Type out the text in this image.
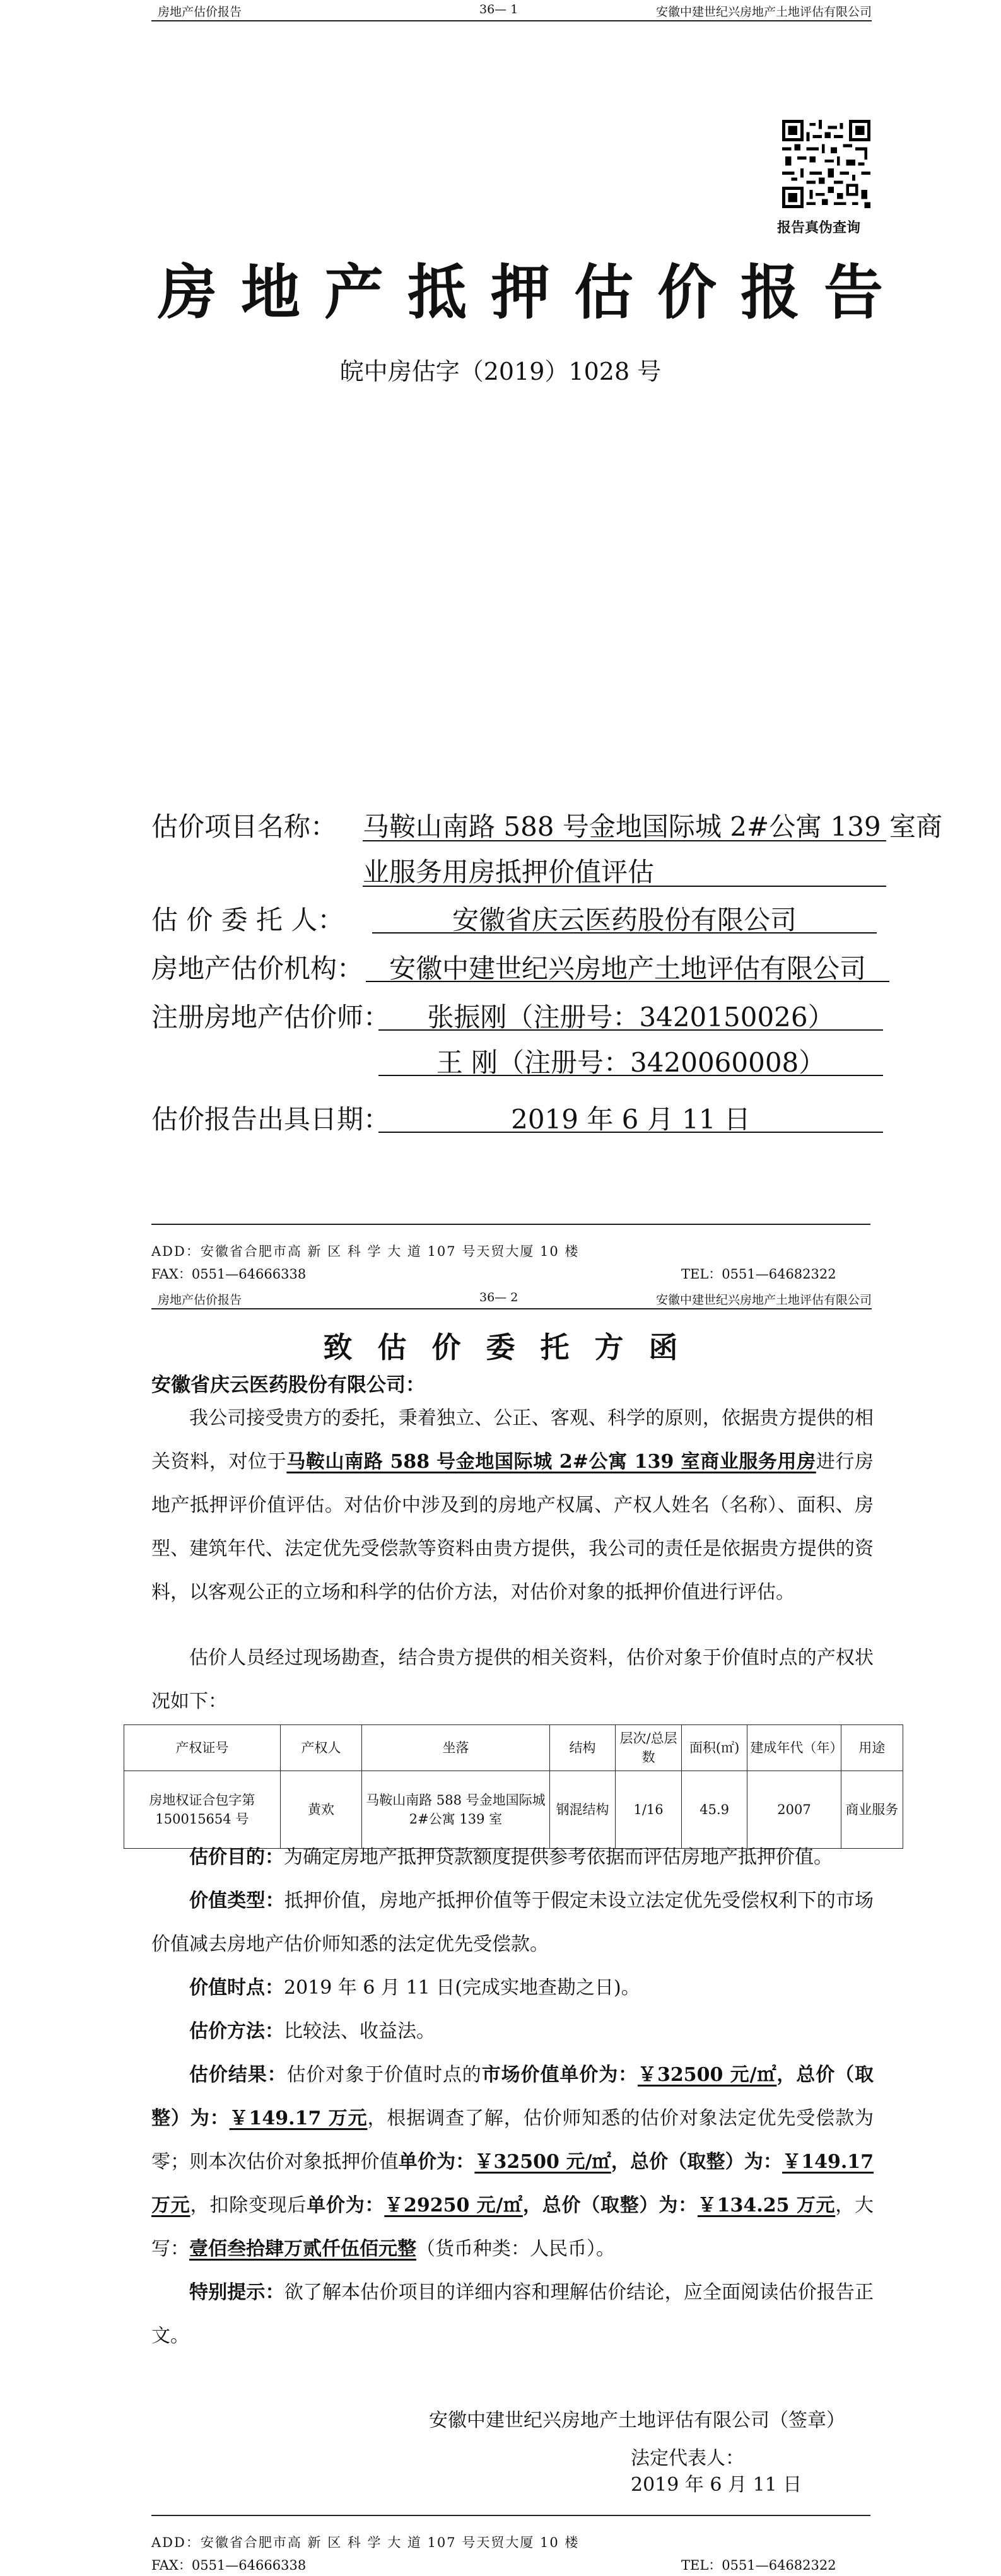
房地产估价报告	36— 1	安徽中建世纪兴房地产土地评估有限公司
报告真伪查询
房地产抵押估价报告
皖中房估字（2019）1028 号
估价项目名称： 马鞍山南路 588 号金地国际城 2#公寓 139 室商
业服务用房抵押价值评估
估 价 委 托 人：	安徽省庆云医药股份有限公司
房地产估价机构： 安徽中建世纪兴房地产土地评估有限公司
注册房地产估价师：	张振刚（注册号：3420150026）
王 刚（注册号：3420060008）
估价报告出具日期：	2019 年 6 月 11 日
ADD：安徽省合肥市高 新 区 科 学 大 道 107 号天贸大厦 10 楼
FAX：0551—64666338	TEL：0551—64682322
房地产估价报告	36— 2	安徽中建世纪兴房地产土地评估有限公司
致估价委托方函
安徽省庆云医药股份有限公司：
我公司接受贵方的委托，秉着独立、公正、客观、科学的原则，依据贵方提供的相关资料，对位于马鞍山南路 588 号金地国际城 2#公寓 139 室商业服务用房进行房地产抵押评价值评估。对估价中涉及到的房地产权属、产权人姓名（名称）、面积、房型、建筑年代、法定优先受偿款等资料由贵方提供，我公司的责任是依据贵方提供的资料，以客观公正的立场和科学的估价方法，对估价对象的抵押价值进行评估。
估价人员经过现场勘查，结合贵方提供的相关资料，估价对象于价值时点的产权状况如下：
产权证号	产权人	坐落	结构	层次/总层数	面积(㎡)	建成年代（年）	用途
房地权证合包字第150015654 号	黄欢	马鞍山南路 588 号金地国际城 2#公寓 139 室	钢混结构	1/16	45.9	2007	商业服务
估价目的：为确定房地产抵押贷款额度提供参考依据而评估房地产抵押价值。
价值类型：抵押价值，房地产抵押价值等于假定未设立法定优先受偿权利下的市场价值减去房地产估价师知悉的法定优先受偿款。
价值时点：2019 年 6 月 11 日(完成实地查勘之日)。
估价方法：比较法、收益法。
估价结果：估价对象于价值时点的市场价值单价为：￥32500 元/㎡，总价（取整）为：￥149.17 万元，根据调查了解，估价师知悉的估价对象法定优先受偿款为零；则本次估价对象抵押价值单价为：￥32500 元/㎡，总价（取整）为：￥149.17 万元，扣除变现后单价为：￥29250 元/㎡，总价（取整）为：￥134.25 万元，大写：壹佰叁拾肆万贰仟伍佰元整（货币种类：人民币）。
特别提示：欲了解本估价项目的详细内容和理解估价结论，应全面阅读估价报告正文。
安徽中建世纪兴房地产土地评估有限公司（签章）
法定代表人：
2019 年 6 月 11 日
ADD：安徽省合肥市高 新 区 科 学 大 道 107 号天贸大厦 10 楼
FAX：0551—64666338	TEL：0551—64682322
